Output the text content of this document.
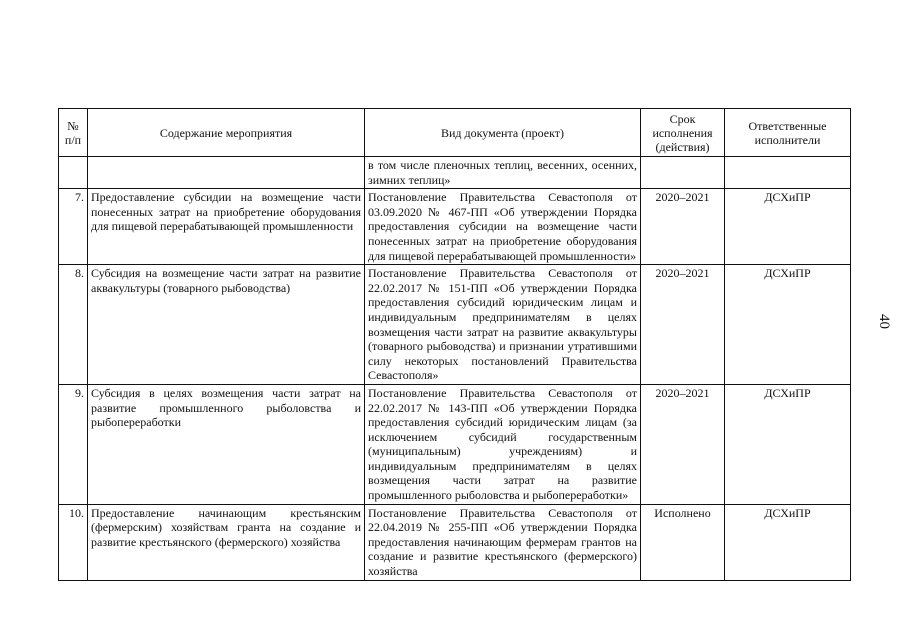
40
№ п/п	Содержание мероприятия	Вид документа (проект)	Срок исполнения (действия)	Ответственные исполнители
		в том числе пленочных теплиц, весенних, осенних, зимних теплиц»		
7.	Предоставление субсидии на возмещение части понесенных затрат на приобретение оборудования для пищевой перерабатывающей промышленности	Постановление Правительства Севастополя от 03.09.2020 № 467-ПП «Об утверждении Порядка предоставления субсидии на возмещение части понесенных затрат на приобретение оборудования для пищевой перерабатывающей промышленности»	2020–2021	ДСХиПР
8.	Субсидия на возмещение части затрат на развитие аквакультуры (товарного рыбоводства)	Постановление Правительства Севастополя от 22.02.2017 № 151-ПП «Об утверждении Порядка предоставления субсидий юридическим лицам и индивидуальным предпринимателям в целях возмещения части затрат на развитие аквакультуры (товарного рыбоводства) и признании утратившими силу некоторых постановлений Правительства Севастополя»	2020–2021	ДСХиПР
9.	Субсидия в целях возмещения части затрат на развитие промышленного рыболовства и рыбопереработки	Постановление Правительства Севастополя от 22.02.2017 № 143-ПП «Об утверждении Порядка предоставления субсидий юридическим лицам (за исключением субсидий государственным (муниципальным) учреждениям) и индивидуальным предпринимателям в целях возмещения части затрат на развитие промышленного рыболовства и рыбопереработки»	2020–2021	ДСХиПР
10.	Предоставление начинающим крестьянским (фермерским) хозяйствам гранта на создание и развитие крестьянского (фермерского) хозяйства	Постановление Правительства Севастополя от 22.04.2019 № 255-ПП «Об утверждении Порядка предоставления начинающим фермерам грантов на создание и развитие крестьянского (фермерского) хозяйства	Исполнено	ДСХиПР
